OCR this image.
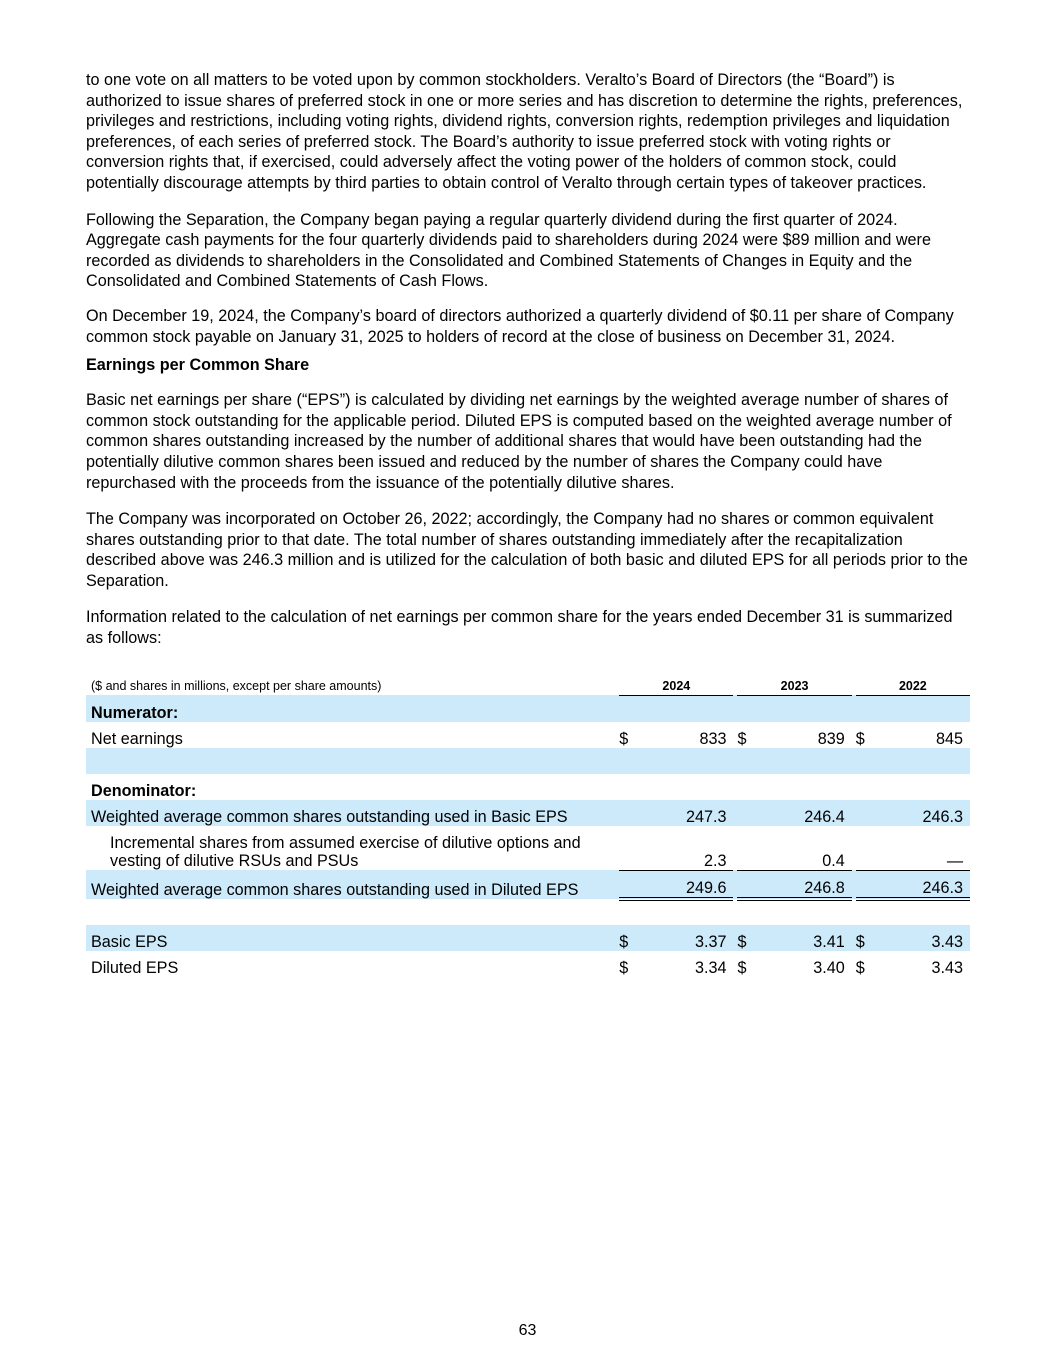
to one vote on all matters to be voted upon by common stockholders. Veralto’s Board of Directors (the “Board”) is authorized to issue shares of preferred stock in one or more series and has discretion to determine the rights, preferences, privileges and restrictions, including voting rights, dividend rights, conversion rights, redemption privileges and liquidation preferences, of each series of preferred stock. The Board’s authority to issue preferred stock with voting rights or conversion rights that, if exercised, could adversely affect the voting power of the holders of common stock, could potentially discourage attempts by third parties to obtain control of Veralto through certain types of takeover practices.

Following the Separation, the Company began paying a regular quarterly dividend during the first quarter of 2024. Aggregate cash payments for the four quarterly dividends paid to shareholders during 2024 were $89 million and were recorded as dividends to shareholders in the Consolidated and Combined Statements of Changes in Equity and the Consolidated and Combined Statements of Cash Flows.

On December 19, 2024, the Company’s board of directors authorized a quarterly dividend of $0.11 per share of Company common stock payable on January 31, 2025 to holders of record at the close of business on December 31, 2024.

Earnings per Common Share

Basic net earnings per share (“EPS”) is calculated by dividing net earnings by the weighted average number of shares of common stock outstanding for the applicable period. Diluted EPS is computed based on the weighted average number of common shares outstanding increased by the number of additional shares that would have been outstanding had the potentially dilutive common shares been issued and reduced by the number of shares the Company could have repurchased with the proceeds from the issuance of the potentially dilutive shares.

The Company was incorporated on October 26, 2022; accordingly, the Company had no shares or common equivalent shares outstanding prior to that date. The total number of shares outstanding immediately after the recapitalization described above was 246.3 million and is utilized for the calculation of both basic and diluted EPS for all periods prior to the Separation.

Information related to the calculation of net earnings per common share for the years ended December 31 is summarized as follows:

($ and shares in millions, except per share amounts)	2024			2023			2022	
Numerator:								
Net earnings	$	833		$	839		$	845

Denominator:								
Weighted average common shares outstanding used in Basic EPS		247.3			246.4			246.3
Incremental shares from assumed exercise of dilutive options and vesting of dilutive RSUs and PSUs		2.3			0.4			—
Weighted average common shares outstanding used in Diluted EPS		249.6			246.8			246.3

Basic EPS	$	3.37		$	3.41		$	3.43
Diluted EPS	$	3.34		$	3.40		$	3.43
63
